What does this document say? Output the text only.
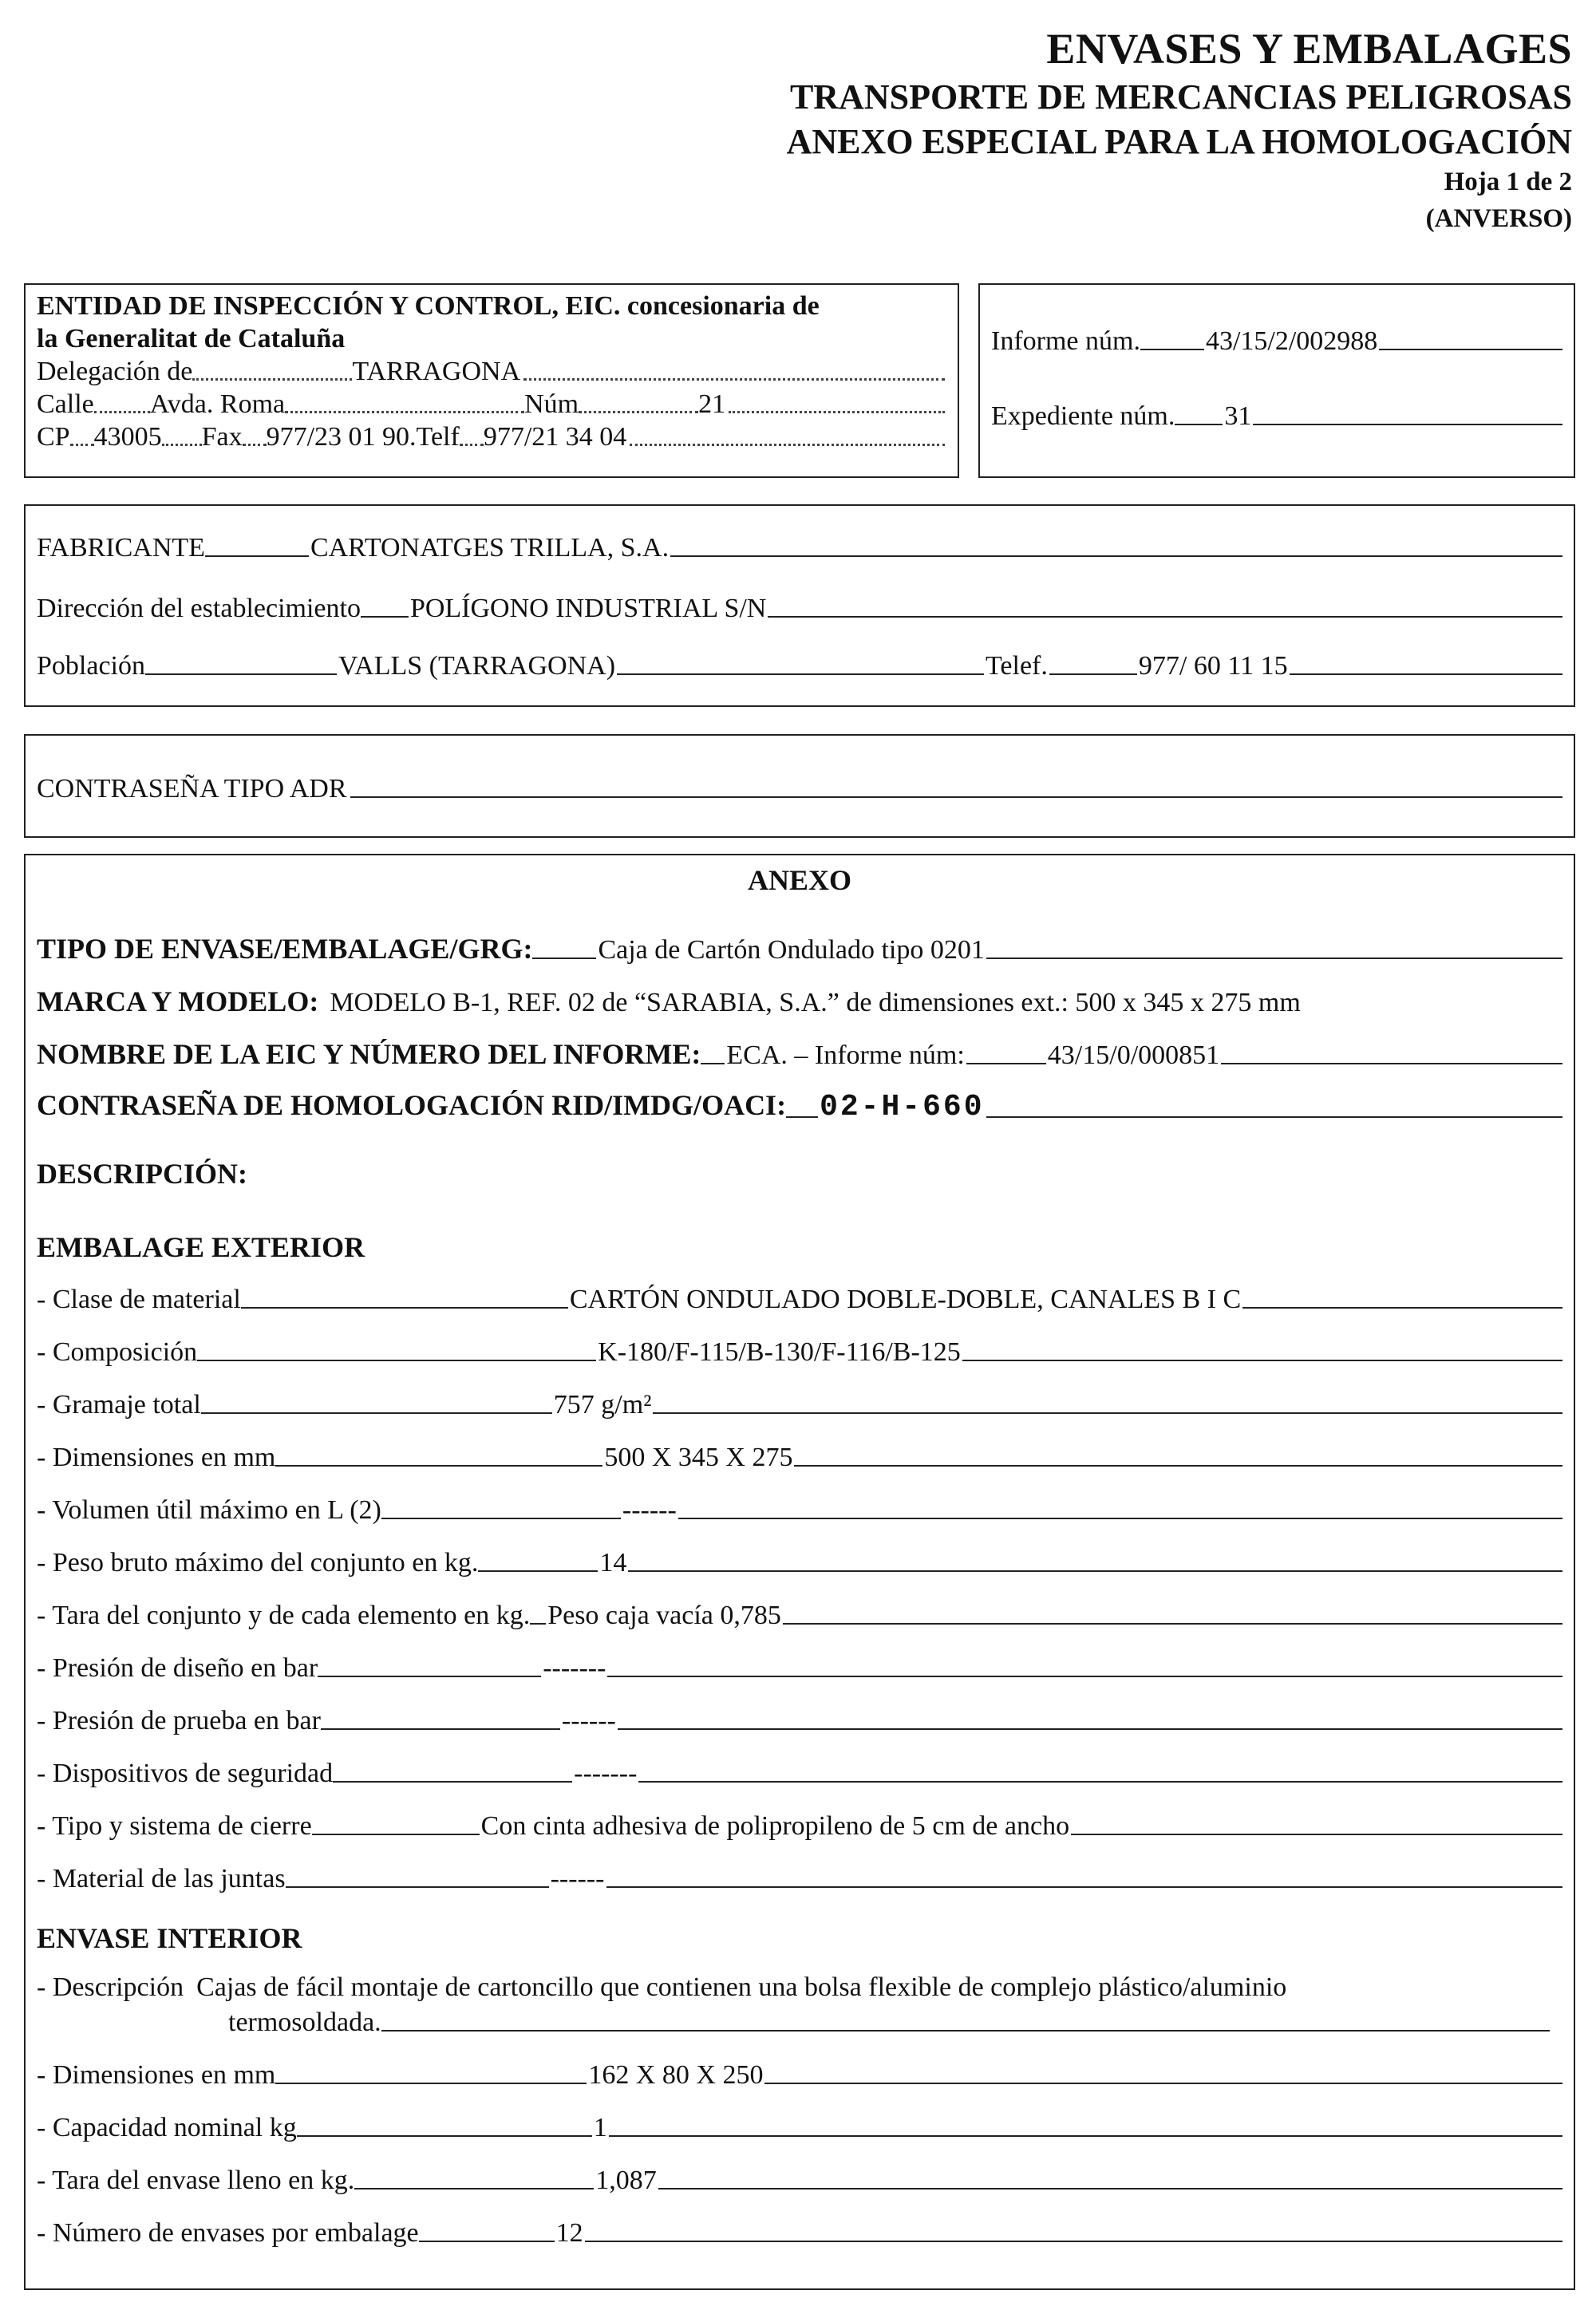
ENVASES Y EMBALAGES
TRANSPORTE DE MERCANCIAS PELIGROSAS
ANEXO ESPECIAL PARA LA HOMOLOGACIÓN
Hoja 1 de 2
(ANVERSO)
ENTIDAD DE INSPECCIÓN Y CONTROL, EIC. concesionaria de
la Generalitat de Cataluña
Delegación de	TARRAGONA
Calle Avda. Roma	Núm	21
CP 43005 Fax 977/23 01 90. Telf 977/21 34 04
Informe núm. 43/15/2/002988
Expediente núm. 31
FABRICANTE	CARTONATGES TRILLA, S.A.
Dirección del establecimiento POLÍGONO INDUSTRIAL S/N
Población	VALLS (TARRAGONA)	Telef.	977/ 60 11 15
CONTRASEÑA TIPO ADR
ANEXO
TIPO DE ENVASE/EMBALAGE/GRG: Caja de Cartón Ondulado tipo 0201
MARCA Y MODELO: MODELO B-1, REF. 02 de “SARABIA, S.A.” de dimensiones ext.: 500 x 345 x 275 mm
NOMBRE DE LA EIC Y NÚMERO DEL INFORME: ECA. – Informe núm:	43/15/0/000851
CONTRASEÑA DE HOMOLOGACIÓN RID/IMDG/OACI: 02-H-660
DESCRIPCIÓN:
EMBALAGE EXTERIOR
- Clase de material	CARTÓN ONDULADO DOBLE-DOBLE, CANALES B I C
- Composición	K-180/F-115/B-130/F-116/B-125
- Gramaje total	757 g/m²
- Dimensiones en mm	500 X 345 X 275
- Volumen útil máximo en L (2)	------
- Peso bruto máximo del conjunto en kg.	14
- Tara del conjunto y de cada elemento en kg. Peso caja vacía 0,785
- Presión de diseño en bar	-------
- Presión de prueba en bar	------
- Dispositivos de seguridad	-------
- Tipo y sistema de cierre	Con cinta adhesiva de polipropileno de 5 cm de ancho
- Material de las juntas	------
ENVASE INTERIOR
- Descripción Cajas de fácil montaje de cartoncillo que contienen una bolsa flexible de complejo plástico/aluminio
termosoldada.
- Dimensiones en mm	162 X 80 X 250
- Capacidad nominal kg	1
- Tara del envase lleno en kg.	1,087
- Número de envases por embalage	12
